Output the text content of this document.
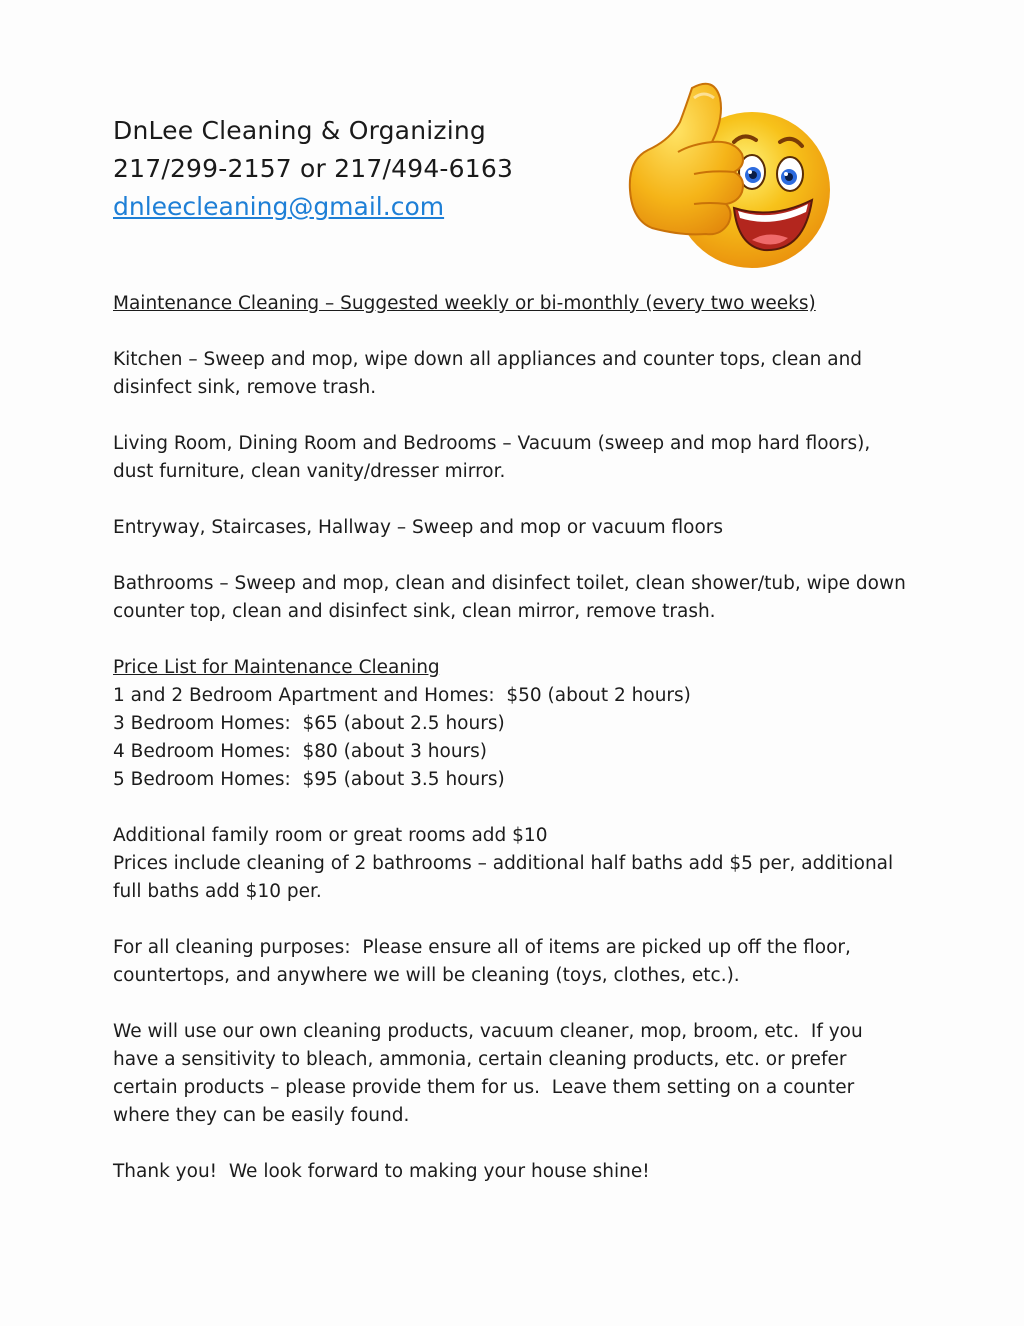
DnLee Cleaning & Organizing
217/299-2157 or 217/494-6163
dnleecleaning@gmail.com

Maintenance Cleaning – Suggested weekly or bi-monthly (every two weeks)

Kitchen – Sweep and mop, wipe down all appliances and counter tops, clean and disinfect sink, remove trash.

Living Room, Dining Room and Bedrooms – Vacuum (sweep and mop hard floors), dust furniture, clean vanity/dresser mirror.

Entryway, Staircases, Hallway – Sweep and mop or vacuum floors

Bathrooms – Sweep and mop, clean and disinfect toilet, clean shower/tub, wipe down counter top, clean and disinfect sink, clean mirror, remove trash.

Price List for Maintenance Cleaning

1 and 2 Bedroom Apartment and Homes:  $50 (about 2 hours)

3 Bedroom Homes:  $65 (about 2.5 hours)

4 Bedroom Homes:  $80 (about 3 hours)

5 Bedroom Homes:  $95 (about 3.5 hours)

Additional family room or great rooms add $10

Prices include cleaning of 2 bathrooms – additional half baths add $5 per, additional full baths add $10 per.

For all cleaning purposes:  Please ensure all of items are picked up off the floor, countertops, and anywhere we will be cleaning (toys, clothes, etc.).

We will use our own cleaning products, vacuum cleaner, mop, broom, etc.  If you have a sensitivity to bleach, ammonia, certain cleaning products, etc. or prefer certain products – please provide them for us.  Leave them setting on a counter where they can be easily found.

Thank you!  We look forward to making your house shine!
